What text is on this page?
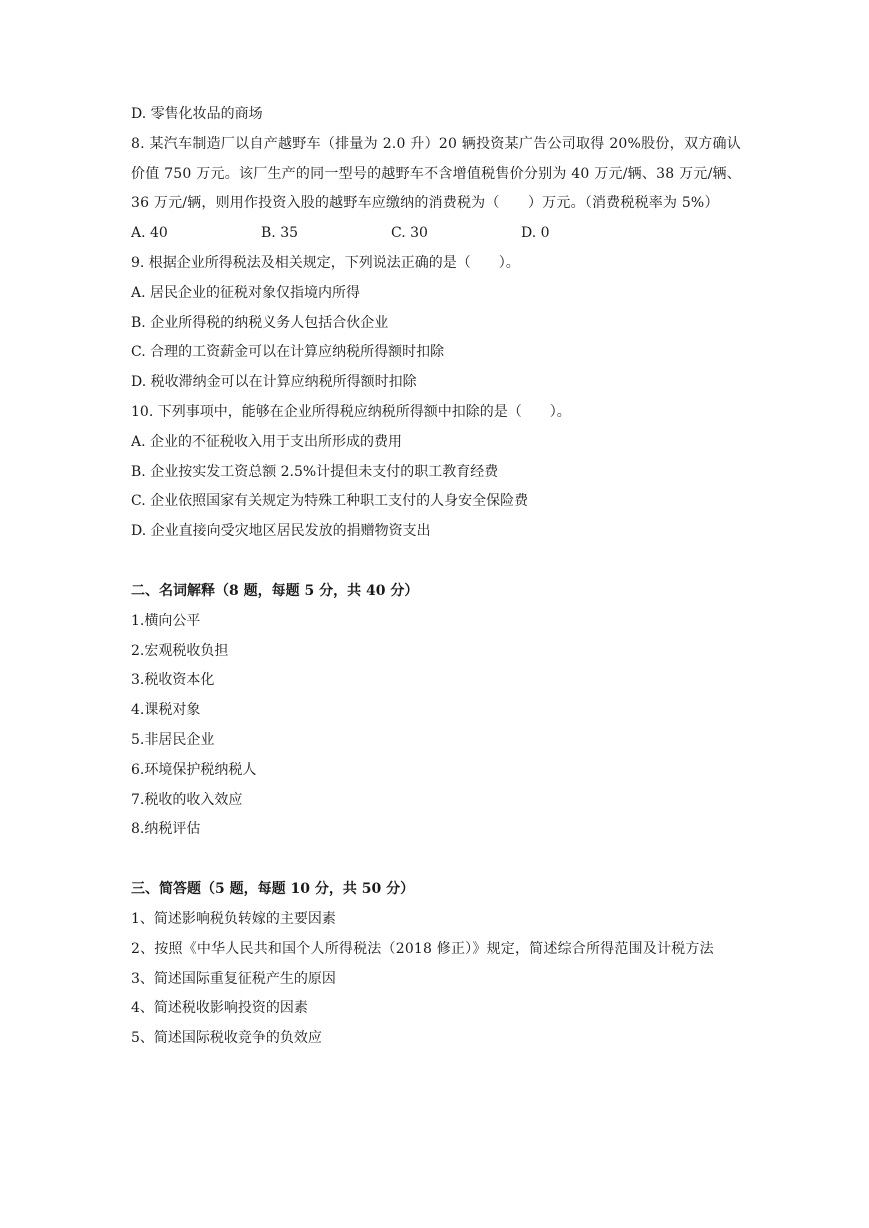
D. 零售化妆品的商场
8. 某汽车制造厂以自产越野车（排量为 2.0 升）20 辆投资某广告公司取得 20%股份，双方确认价值 750 万元。该厂生产的同一型号的越野车不含增值税售价分别为 40 万元/辆、38 万元/辆、36 万元/辆，则用作投资入股的越野车应缴纳的消费税为（　　）万元。（消费税税率为 5%）
A. 40	B. 35	C. 30	D. 0
9. 根据企业所得税法及相关规定，下列说法正确的是（　　）。
A. 居民企业的征税对象仅指境内所得
B. 企业所得税的纳税义务人包括合伙企业
C. 合理的工资薪金可以在计算应纳税所得额时扣除
D. 税收滞纳金可以在计算应纳税所得额时扣除
10. 下列事项中，能够在企业所得税应纳税所得额中扣除的是（　　）。
A. 企业的不征税收入用于支出所形成的费用
B. 企业按实发工资总额 2.5%计提但未支付的职工教育经费
C. 企业依照国家有关规定为特殊工种职工支付的人身安全保险费
D. 企业直接向受灾地区居民发放的捐赠物资支出
二、名词解释（8 题，每题 5 分，共 40 分）
1.横向公平
2.宏观税收负担
3.税收资本化
4.课税对象
5.非居民企业
6.环境保护税纳税人
7.税收的收入效应
8.纳税评估
三、简答题（5 题，每题 10 分，共 50 分）
1、简述影响税负转嫁的主要因素
2、按照《中华人民共和国个人所得税法（2018 修正）》规定，简述综合所得范围及计税方法
3、简述国际重复征税产生的原因
4、简述税收影响投资的因素
5、简述国际税收竞争的负效应
